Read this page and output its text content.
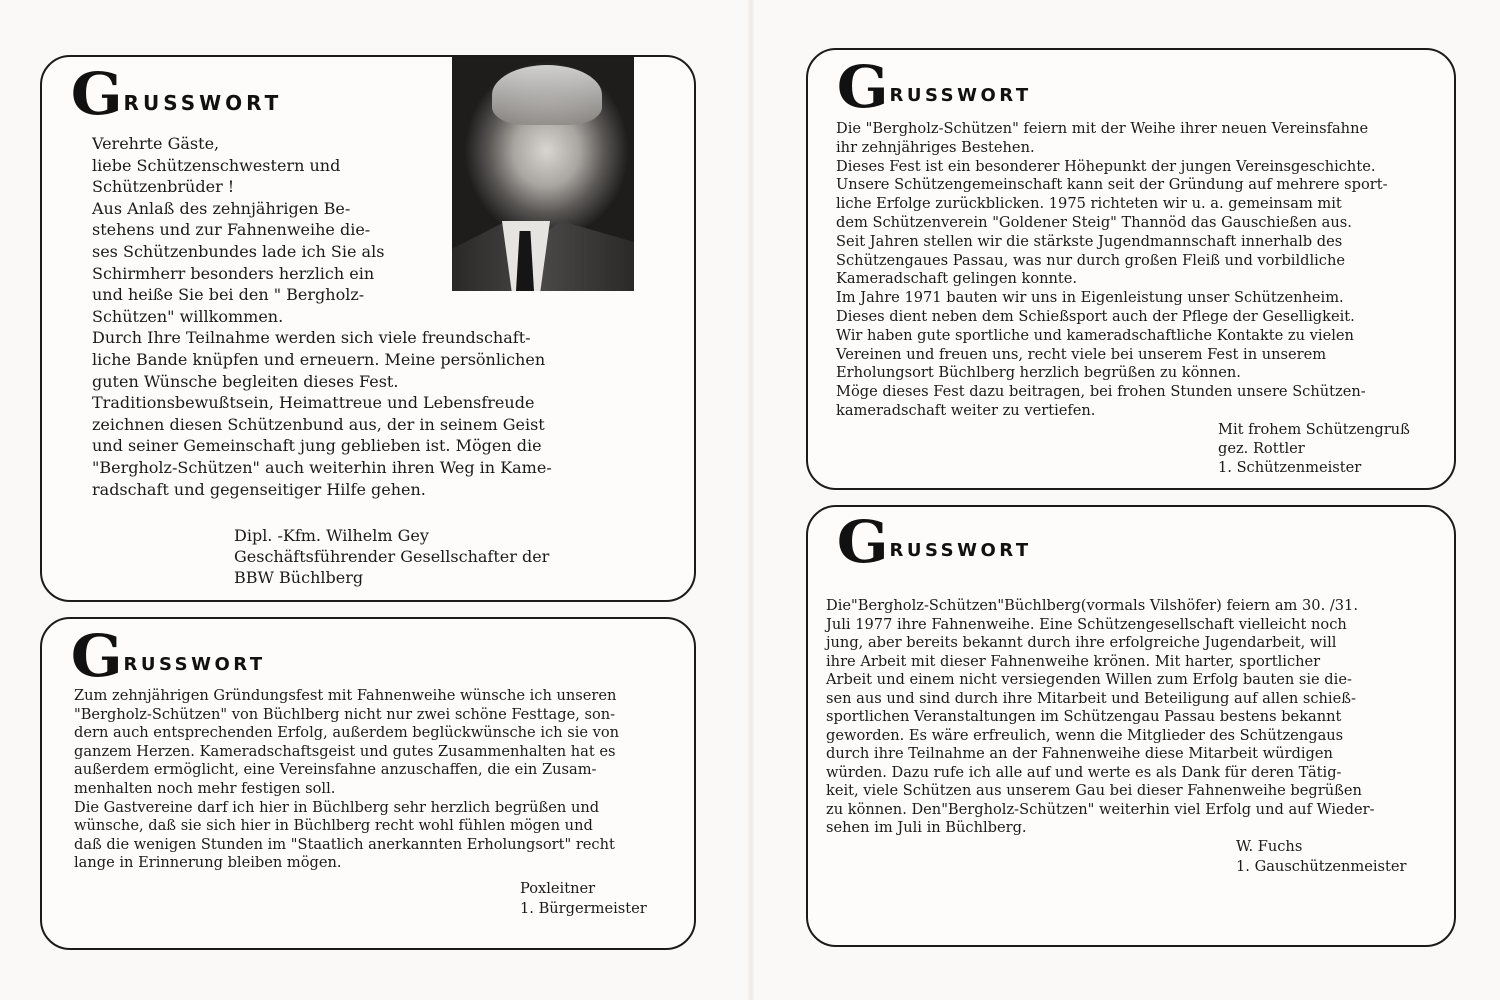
G RUSSWORT

Verehrte Gäste,

liebe Schützenschwestern und

Schützenbrüder !

Aus Anlaß des zehnjährigen Be-

stehens und zur Fahnenweihe die-

ses Schützenbundes lade ich Sie als

Schirmherr besonders herzlich ein

und heiße Sie bei den " Bergholz-

Schützen" willkommen.

Durch Ihre Teilnahme werden sich viele freundschaft-

liche Bande knüpfen und erneuern. Meine persönlichen

guten Wünsche begleiten dieses Fest.

Traditionsbewußtsein, Heimattreue und Lebensfreude

zeichnen diesen Schützenbund aus, der in seinem Geist

und seiner Gemeinschaft jung geblieben ist. Mögen die

"Bergholz-Schützen" auch weiterhin ihren Weg in Kame-

radschaft und gegenseitiger Hilfe gehen.

Dipl. -Kfm. Wilhelm Gey

Geschäftsführender Gesellschafter der

BBW Büchlberg

G RUSSWORT

Zum zehnjährigen Gründungsfest mit Fahnenweihe wünsche ich unseren

"Bergholz-Schützen" von Büchlberg nicht nur zwei schöne Festtage, son-

dern auch entsprechenden Erfolg, außerdem beglückwünsche ich sie von

ganzem Herzen. Kameradschaftsgeist und gutes Zusammenhalten hat es

außerdem ermöglicht, eine Vereinsfahne anzuschaffen, die ein Zusam-

menhalten noch mehr festigen soll.

Die Gastvereine darf ich hier in Büchlberg sehr herzlich begrüßen und

wünsche, daß sie sich hier in Büchlberg recht wohl fühlen mögen und

daß die wenigen Stunden im "Staatlich anerkannten Erholungsort" recht

lange in Erinnerung bleiben mögen.

Poxleitner

1. Bürgermeister

G RUSSWORT

Die "Bergholz-Schützen" feiern mit der Weihe ihrer neuen Vereinsfahne

ihr zehnjähriges Bestehen.

Dieses Fest ist ein besonderer Höhepunkt der jungen Vereinsgeschichte.

Unsere Schützengemeinschaft kann seit der Gründung auf mehrere sport-

liche Erfolge zurückblicken. 1975 richteten wir u. a. gemeinsam mit

dem Schützenverein "Goldener Steig" Thannöd das Gauschießen aus.

Seit Jahren stellen wir die stärkste Jugendmannschaft innerhalb des

Schützengaues Passau, was nur durch großen Fleiß und vorbildliche

Kameradschaft gelingen konnte.

Im Jahre 1971 bauten wir uns in Eigenleistung unser Schützenheim.

Dieses dient neben dem Schießsport auch der Pflege der Geselligkeit.

Wir haben gute sportliche und kameradschaftliche Kontakte zu vielen

Vereinen und freuen uns, recht viele bei unserem Fest in unserem

Erholungsort Büchlberg herzlich begrüßen zu können.

Möge dieses Fest dazu beitragen, bei frohen Stunden unsere Schützen-

kameradschaft weiter zu vertiefen.

Mit frohem Schützengruß

gez. Rottler

1. Schützenmeister

G RUSSWORT

Die"Bergholz-Schützen"Büchlberg(vormals Vilshöfer) feiern am 30. /31.

Juli 1977 ihre Fahnenweihe. Eine Schützengesellschaft vielleicht noch

jung, aber bereits bekannt durch ihre erfolgreiche Jugendarbeit, will

ihre Arbeit mit dieser Fahnenweihe krönen. Mit harter, sportlicher

Arbeit und einem nicht versiegenden Willen zum Erfolg bauten sie die-

sen aus und sind durch ihre Mitarbeit und Beteiligung auf allen schieß-

sportlichen Veranstaltungen im Schützengau Passau bestens bekannt

geworden. Es wäre erfreulich, wenn die Mitglieder des Schützengaus

durch ihre Teilnahme an der Fahnenweihe diese Mitarbeit würdigen

würden. Dazu rufe ich alle auf und werte es als Dank für deren Tätig-

keit, viele Schützen aus unserem Gau bei dieser Fahnenweihe begrüßen

zu können. Den"Bergholz-Schützen" weiterhin viel Erfolg und auf Wieder-

sehen im Juli in Büchlberg.

W. Fuchs

1. Gauschützenmeister
